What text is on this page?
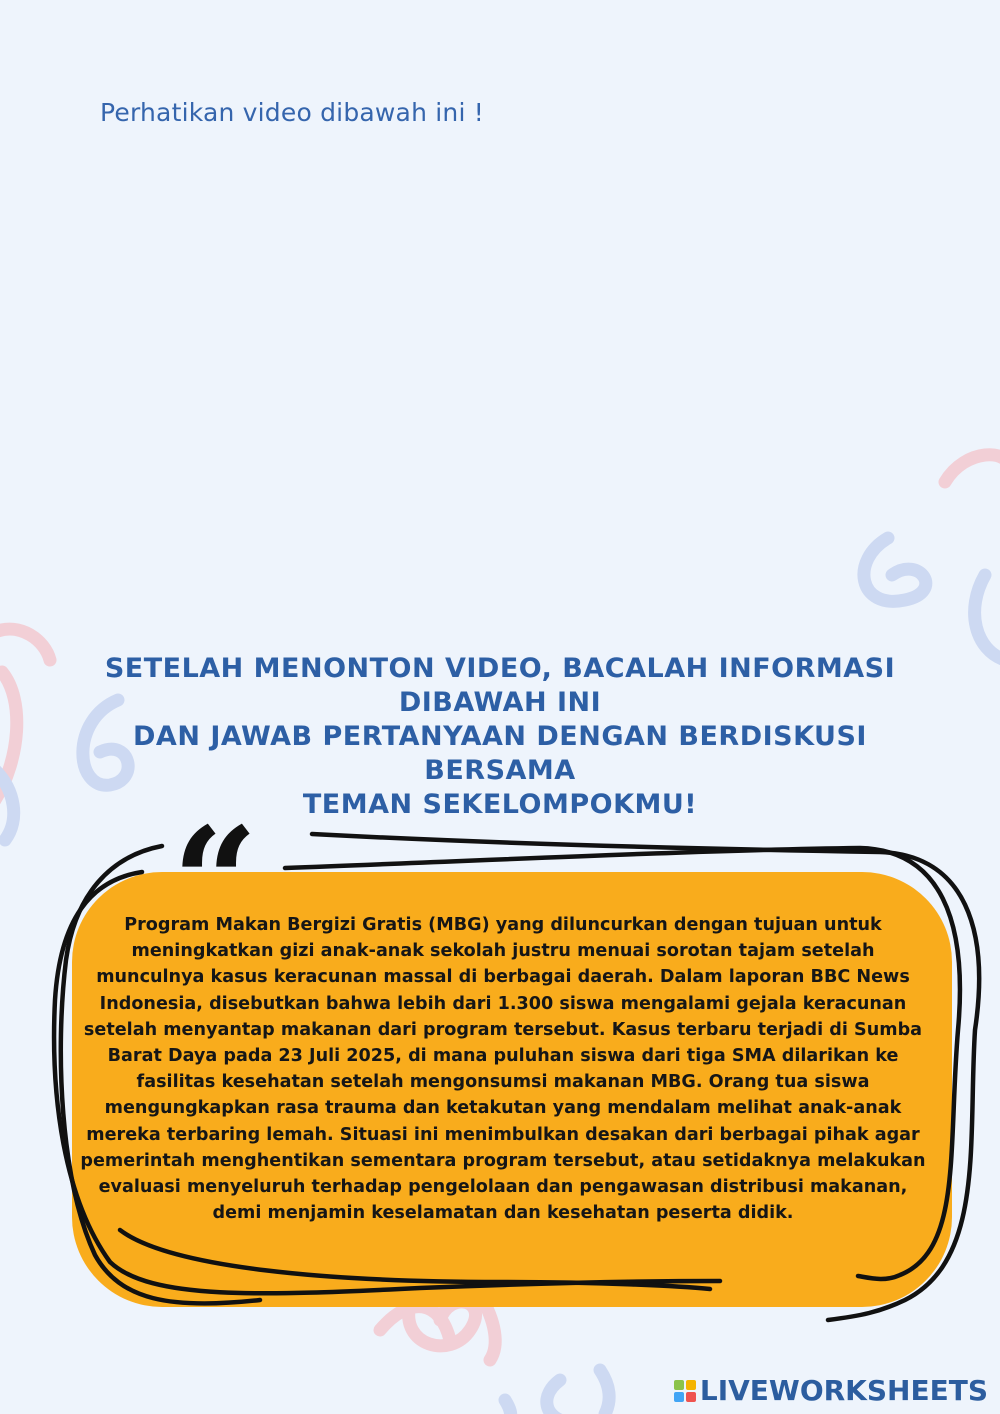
Perhatikan video dibawah ini !

SETELAH MENONTON VIDEO, BACALAH INFORMASI DIBAWAH INI
DAN JAWAB PERTANYAAN DENGAN BERDISKUSI BERSAMA
TEMAN SEKELOMPOKMU!
“

Program Makan Bergizi Gratis (MBG) yang diluncurkan dengan tujuan untuk meningkatkan gizi anak-anak sekolah justru menuai sorotan tajam setelah munculnya kasus keracunan massal di berbagai daerah. Dalam laporan BBC News Indonesia, disebutkan bahwa lebih dari 1.300 siswa mengalami gejala keracunan setelah menyantap makanan dari program tersebut. Kasus terbaru terjadi di Sumba Barat Daya pada 23 Juli 2025, di mana puluhan siswa dari tiga SMA dilarikan ke fasilitas kesehatan setelah mengonsumsi makanan MBG. Orang tua siswa mengungkapkan rasa trauma dan ketakutan yang mendalam melihat anak-anak mereka terbaring lemah. Situasi ini menimbulkan desakan dari berbagai pihak agar pemerintah menghentikan sementara program tersebut, atau setidaknya melakukan evaluasi menyeluruh terhadap pengelolaan dan pengawasan distribusi makanan, demi menjamin keselamatan dan kesehatan peserta didik.

LIVEWORKSHEETS
